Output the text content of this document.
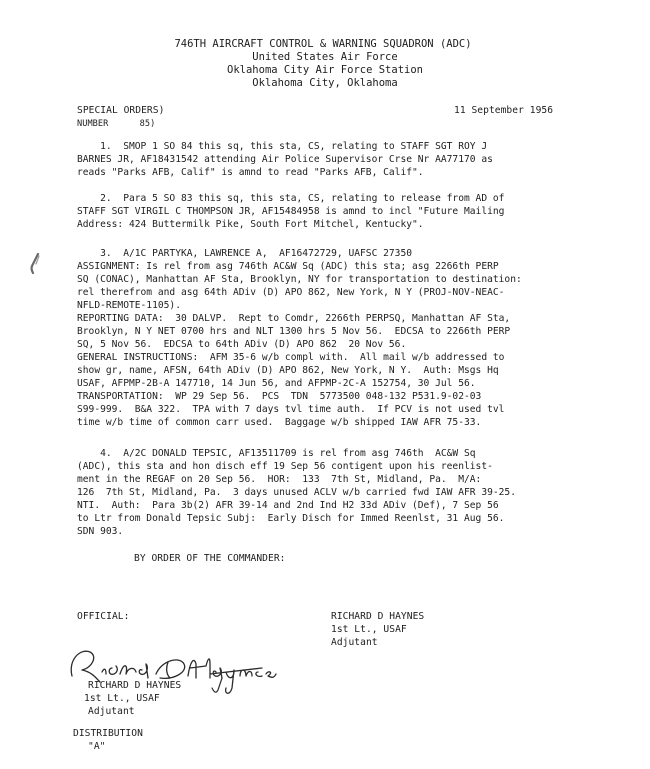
746TH AIRCRAFT CONTROL & WARNING SQUADRON (ADC)
United States Air Force
Oklahoma City Air Force Station
Oklahoma City, Oklahoma
SPECIAL ORDERS)
NUMBER      85)
11 September 1956
1.  SMOP 1 SO 84 this sq, this sta, CS, relating to STAFF SGT ROY J
BARNES JR, AF18431542 attending Air Police Supervisor Crse Nr AA77170 as
reads "Parks AFB, Calif" is amnd to read "Parks AFB, Calif".
2.  Para 5 SO 83 this sq, this sta, CS, relating to release from AD of
STAFF SGT VIRGIL C THOMPSON JR, AF15484958 is amnd to incl "Future Mailing
Address: 424 Buttermilk Pike, South Fort Mitchel, Kentucky".
3.  A/1C PARTYKA, LAWRENCE A,  AF16472729, UAFSC 27350
ASSIGNMENT: Is rel from asg 746th AC&W Sq (ADC) this sta; asg 2266th PERP
SQ (CONAC), Manhattan AF Sta, Brooklyn, NY for transportation to destination:
rel therefrom and asg 64th ADiv (D) APO 862, New York, N Y (PROJ-NOV-NEAC-
NFLD-REMOTE-1105).
REPORTING DATA:  30 DALVP.  Rept to Comdr, 2266th PERPSQ, Manhattan AF Sta,
Brooklyn, N Y NET 0700 hrs and NLT 1300 hrs 5 Nov 56.  EDCSA to 2266th PERP
SQ, 5 Nov 56.  EDCSA to 64th ADiv (D) APO 862  20 Nov 56.
GENERAL INSTRUCTIONS:  AFM 35-6 w/b compl with.  All mail w/b addressed to
show gr, name, AFSN, 64th ADiv (D) APO 862, New York, N Y.  Auth: Msgs Hq
USAF, AFPMP-2B-A 147710, 14 Jun 56, and AFPMP-2C-A 152754, 30 Jul 56.
TRANSPORTATION:  WP 29 Sep 56.  PCS  TDN  5773500 048-132 P531.9-02-03
S99-999.  B&A 322.  TPA with 7 days tvl time auth.  If PCV is not used tvl
time w/b time of common carr used.  Baggage w/b shipped IAW AFR 75-33.
4.  A/2C DONALD TEPSIC, AF13511709 is rel from asg 746th  AC&W Sq
(ADC), this sta and hon disch eff 19 Sep 56 contigent upon his reenlist-
ment in the REGAF on 20 Sep 56.  HOR:  133  7th St, Midland, Pa.  M/A:
126  7th St, Midland, Pa.  3 days unused ACLV w/b carried fwd IAW AFR 39-25.
NTI.  Auth:  Para 3b(2) AFR 39-14 and 2nd Ind H2 33d ADiv (Def), 7 Sep 56
to Ltr from Donald Tepsic Subj:  Early Disch for Immed Reenlst, 31 Aug 56.
SDN 903.
BY ORDER OF THE COMMANDER:
OFFICIAL:	RICHARD D HAYNES
1st Lt., USAF
Adjutant
RICHARD D HAYNES
1st Lt., USAF
Adjutant
DISTRIBUTION
"A"
